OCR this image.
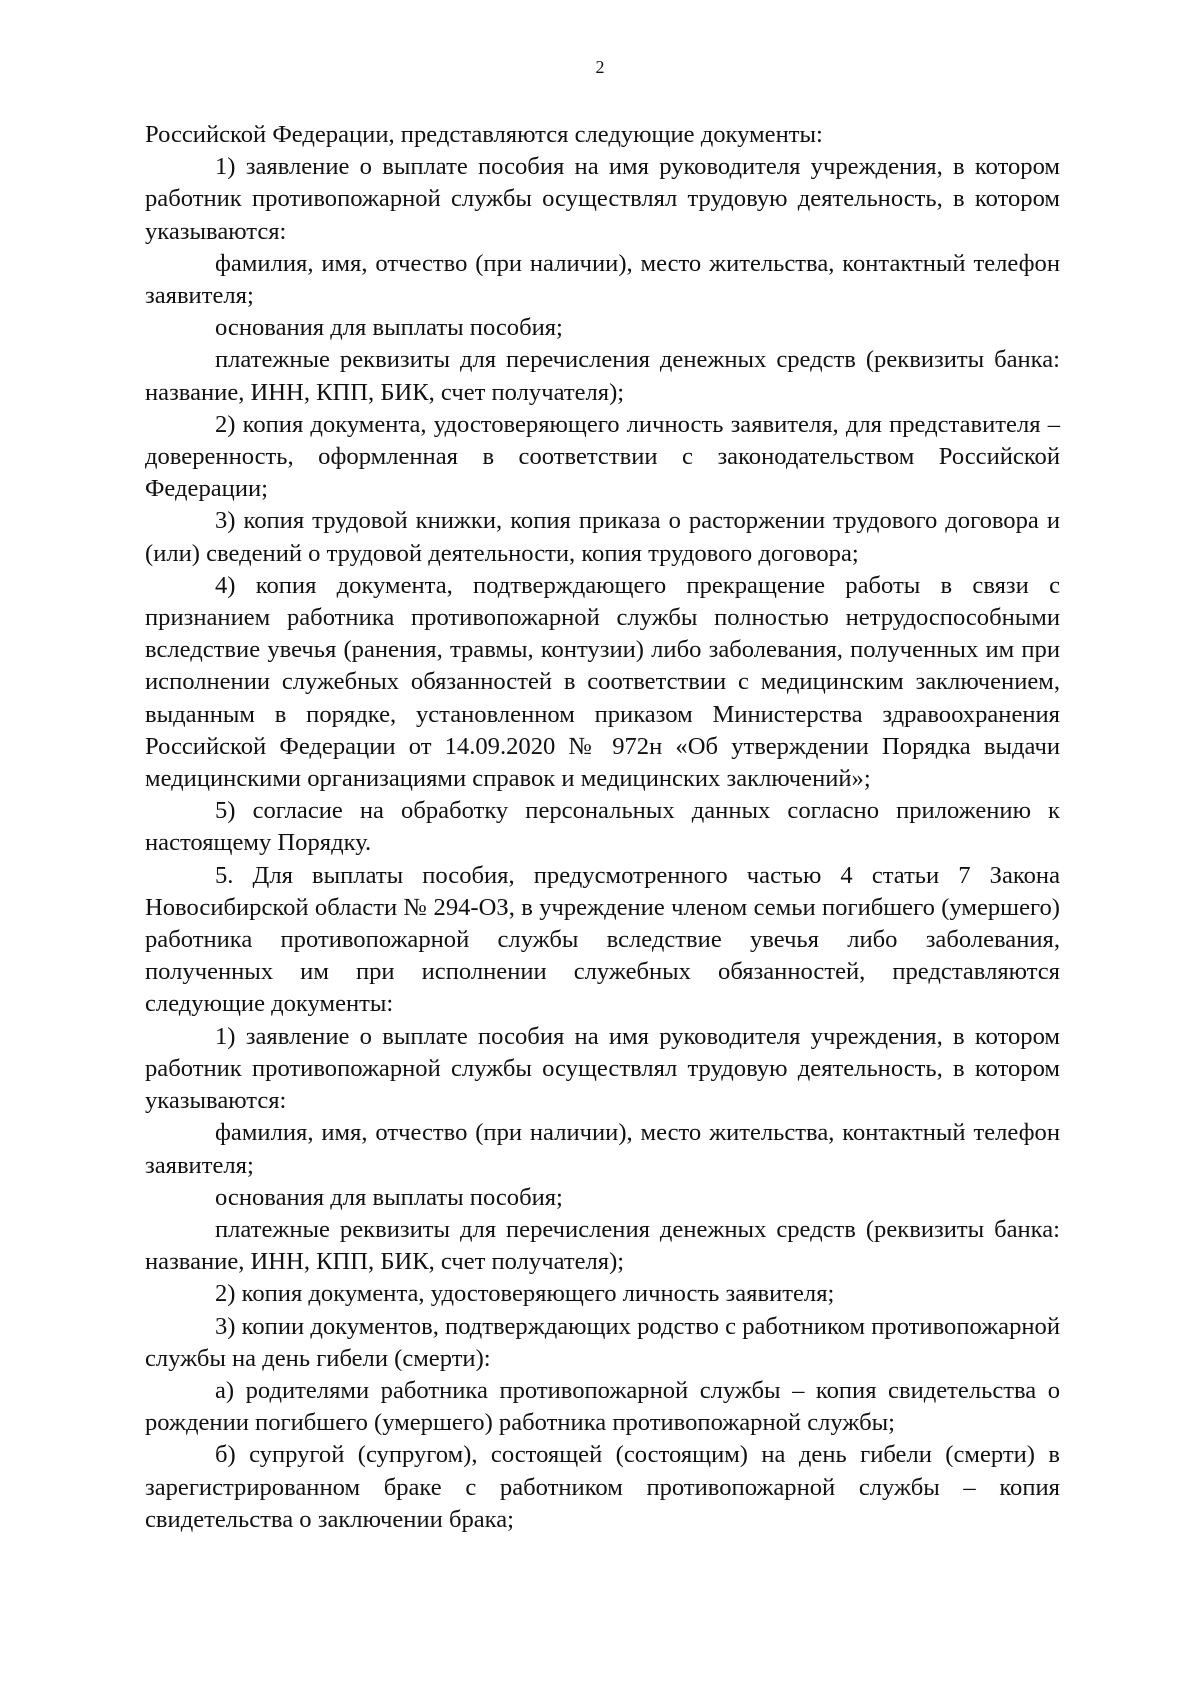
2

Российской Федерации, представляются следующие документы:

1) заявление о выплате пособия на имя руководителя учреждения, в котором работник противопожарной службы осуществлял трудовую деятельность, в котором указываются:

фамилия, имя, отчество (при наличии), место жительства, контактный телефон заявителя;

основания для выплаты пособия;

платежные реквизиты для перечисления денежных средств (реквизиты банка: название, ИНН, КПП, БИК, счет получателя);

2) копия документа, удостоверяющего личность заявителя, для представителя – доверенность, оформленная в соответствии с законодательством Российской Федерации;

3) копия трудовой книжки, копия приказа о расторжении трудового договора и (или) сведений о трудовой деятельности, копия трудового договора;

4) копия документа, подтверждающего прекращение работы в связи с признанием работника противопожарной службы полностью нетрудоспособными вследствие увечья (ранения, травмы, контузии) либо заболевания, полученных им при исполнении служебных обязанностей в соответствии с медицинским заключением, выданным в порядке, установленном приказом Министерства здравоохранения Российской Федерации от 14.09.2020 № 972н «Об утверждении Порядка выдачи медицинскими организациями справок и медицинских заключений»;

5) согласие на обработку персональных данных согласно приложению к настоящему Порядку.

5. Для выплаты пособия, предусмотренного частью 4 статьи 7 Закона Новосибирской области № 294-ОЗ, в учреждение членом семьи погибшего (умершего) работника противопожарной службы вследствие увечья либо заболевания, полученных им при исполнении служебных обязанностей, представляются следующие документы:

1) заявление о выплате пособия на имя руководителя учреждения, в котором работник противопожарной службы осуществлял трудовую деятельность, в котором указываются:

фамилия, имя, отчество (при наличии), место жительства, контактный телефон заявителя;

основания для выплаты пособия;

платежные реквизиты для перечисления денежных средств (реквизиты банка: название, ИНН, КПП, БИК, счет получателя);

2) копия документа, удостоверяющего личность заявителя;

3) копии документов, подтверждающих родство с работником противопожарной службы на день гибели (смерти):

а) родителями работника противопожарной службы – копия свидетельства о рождении погибшего (умершего) работника противопожарной службы;

б) супругой (супругом), состоящей (состоящим) на день гибели (смерти) в зарегистрированном браке с работником противопожарной службы – копия свидетельства о заключении брака;
